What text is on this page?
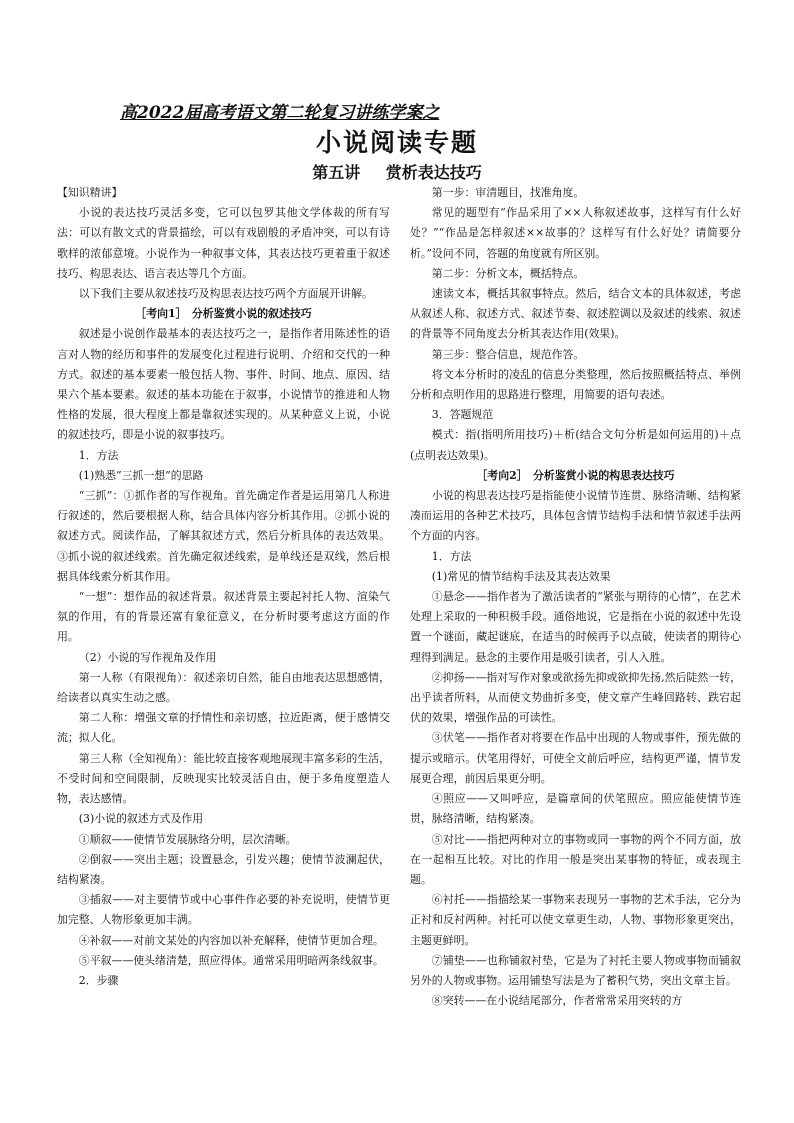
高2022届高考语文第二轮复习讲练学案之
小说阅读专题
第五讲 赏析表达技巧

【知识精讲】

小说的表达技巧灵活多变，它可以包罗其他文学体裁的所有写法：可以有散文式的背景描绘，可以有戏剧般的矛盾冲突，可以有诗歌样的浓郁意境。小说作为一种叙事文体，其表达技巧更着重于叙述技巧、构思表达、语言表达等几个方面。

以下我们主要从叙述技巧及构思表达技巧两个方面展开讲解。

［考向1］　分析鉴赏小说的叙述技巧

叙述是小说创作最基本的表达技巧之一，是指作者用陈述性的语言对人物的经历和事件的发展变化过程进行说明、介绍和交代的一种方式。叙述的基本要素一般包括人物、事件、时间、地点、原因、结果六个基本要素。叙述的基本功能在于叙事，小说情节的推进和人物性格的发展，很大程度上都是靠叙述实现的。从某种意义上说，小说的叙述技巧，即是小说的叙事技巧。

1．方法

(1)熟悉“三抓一想”的思路

“三抓”：①抓作者的写作视角。首先确定作者是运用第几人称进行叙述的，然后要根据人称，结合具体内容分析其作用。②抓小说的叙述方式。阅读作品，了解其叙述方式，然后分析具体的表达效果。③抓小说的叙述线索。首先确定叙述线索，是单线还是双线，然后根据具体线索分析其作用。

“一想”：想作品的叙述背景。叙述背景主要起衬托人物、渲染气氛的作用，有的背景还富有象征意义，在分析时要考虑这方面的作用。

（2）小说的写作视角及作用

第一人称（有限视角）：叙述亲切自然，能自由地表达思想感情，给读者以真实生动之感。

第二人称：增强文章的抒情性和亲切感，拉近距离，便于感情交流；拟人化。

第三人称（全知视角）：能比较直接客观地展现丰富多彩的生活，不受时间和空间限制，反映现实比较灵活自由，便于多角度塑造人物，表达感情。

(3)小说的叙述方式及作用

①顺叙——使情节发展脉络分明，层次清晰。

②倒叙——突出主题；设置悬念，引发兴趣；使情节波澜起伏，结构紧凑。

③插叙——对主要情节或中心事件作必要的补充说明，使情节更加完整、人物形象更加丰满。

④补叙——对前文某处的内容加以补充解释，使情节更加合理。

⑤平叙——使头绪清楚，照应得体。通常采用明暗两条线叙事。

2．步骤

第一步：审清题目，找准角度。

常见的题型有“作品采用了××人称叙述故事，这样写有什么好处？”“作品是怎样叙述××故事的？这样写有什么好处？请简要分析。”设问不同，答题的角度就有所区别。

第二步：分析文本，概括特点。

速读文本，概括其叙事特点。然后，结合文本的具体叙述，考虑从叙述人称、叙述方式、叙述节奏、叙述腔调以及叙述的线索、叙述的背景等不同角度去分析其表达作用(效果)。

第三步：整合信息，规范作答。

将文本分析时的凌乱的信息分类整理，然后按照概括特点、举例分析和点明作用的思路进行整理，用简要的语句表述。

3．答题规范

模式：指(指明所用技巧)＋析(结合文句分析是如何运用的)＋点(点明表达效果)。

［考向2］　分析鉴赏小说的构思表达技巧

小说的构思表达技巧是指能使小说情节连贯、脉络清晰、结构紧凑而运用的各种艺术技巧，具体包含情节结构手法和情节叙述手法两个方面的内容。

1．方法

(1)常见的情节结构手法及其表达效果

①悬念——指作者为了激活读者的“紧张与期待的心情”，在艺术处理上采取的一种积极手段。通俗地说，它是指在小说的叙述中先设置一个谜面，藏起谜底，在适当的时候再予以点破，使读者的期待心理得到满足。悬念的主要作用是吸引读者，引人入胜。

②抑扬——指对写作对象或欲扬先抑或欲抑先扬,然后陡然一转，出乎读者所料，从而使文势曲折多变，使文章产生峰回路转、跌宕起伏的效果，增强作品的可读性。

③伏笔——指作者对将要在作品中出现的人物或事件，预先做的提示或暗示。伏笔用得好，可使全文前后呼应，结构更严谨，情节发展更合理，前因后果更分明。

④照应——又叫呼应，是篇章间的伏笔照应。照应能使情节连贯，脉络清晰，结构紧凑。

⑤对比——指把两种对立的事物或同一事物的两个不同方面，放在一起相互比较。对比的作用一般是突出某事物的特征，或表现主题。

⑥衬托——指描绘某一事物来表现另一事物的艺术手法，它分为正衬和反衬两种。衬托可以使文章更生动，人物、事物形象更突出，主题更鲜明。

⑦铺垫——也称铺叙衬垫，它是为了衬托主要人物或事物而铺叙另外的人物或事物。运用铺垫写法是为了蓄积气势，突出文章主旨。

⑧突转——在小说结尾部分，作者常常采用突转的方
